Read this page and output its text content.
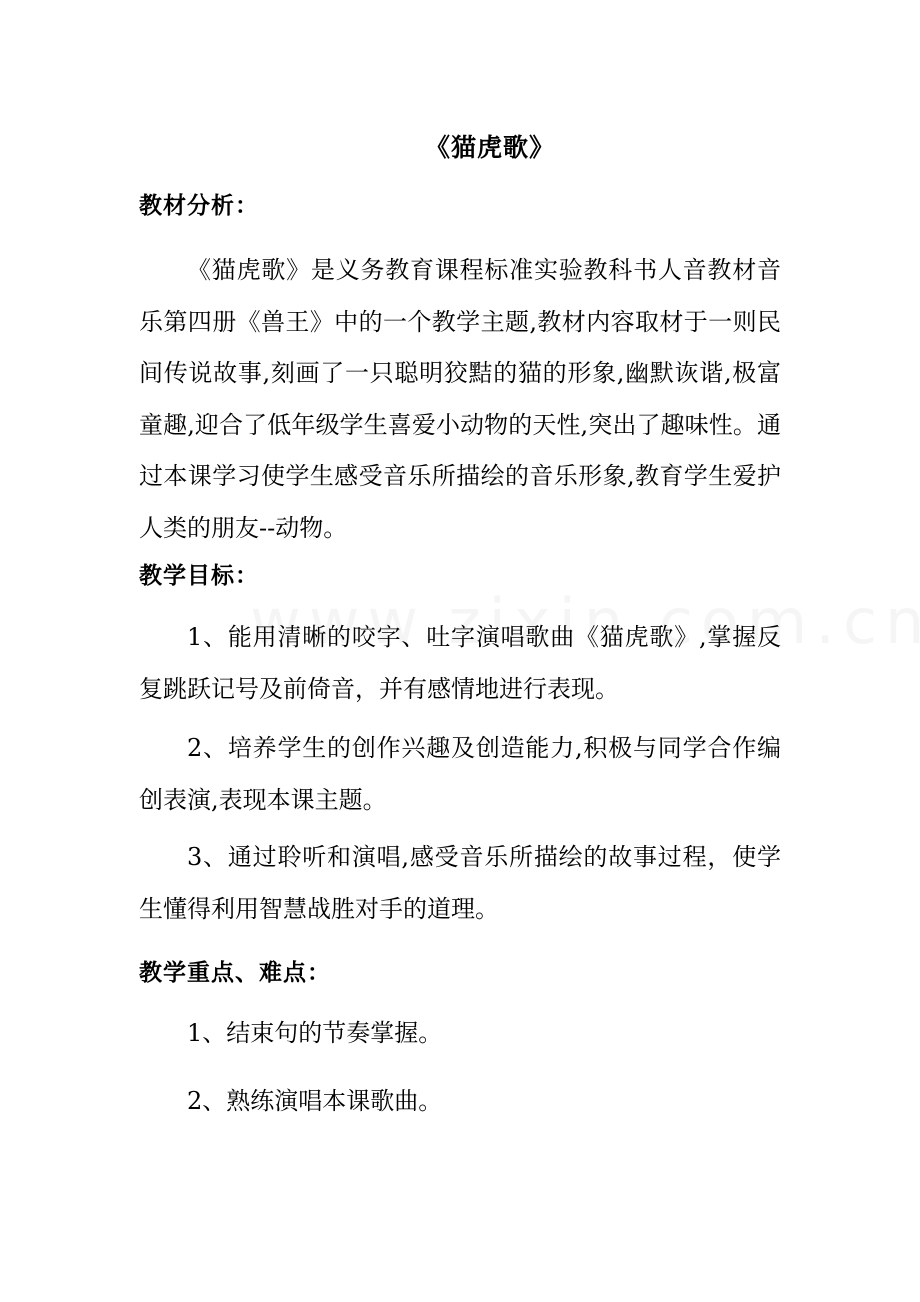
《猫虎歌》
教材分析：
《猫虎歌》是义务教育课程标准实验教科书人音教材音乐第四册《兽王》中的一个教学主题,教材内容取材于一则民间传说故事,刻画了一只聪明狡黠的猫的形象,幽默诙谐,极富童趣,迎合了低年级学生喜爱小动物的天性,突出了趣味性。通过本课学习使学生感受音乐所描绘的音乐形象,教育学生爱护人类的朋友--动物。
教学目标：
1、能用清晰的咬字、吐字演唱歌曲《猫虎歌》,掌握反复跳跃记号及前倚音，并有感情地进行表现。
2、培养学生的创作兴趣及创造能力,积极与同学合作编创表演,表现本课主题。
3、通过聆听和演唱,感受音乐所描绘的故事过程，使学生懂得利用智慧战胜对手的道理。
教学重点、难点：
1、结束句的节奏掌握。
2、熟练演唱本课歌曲。
